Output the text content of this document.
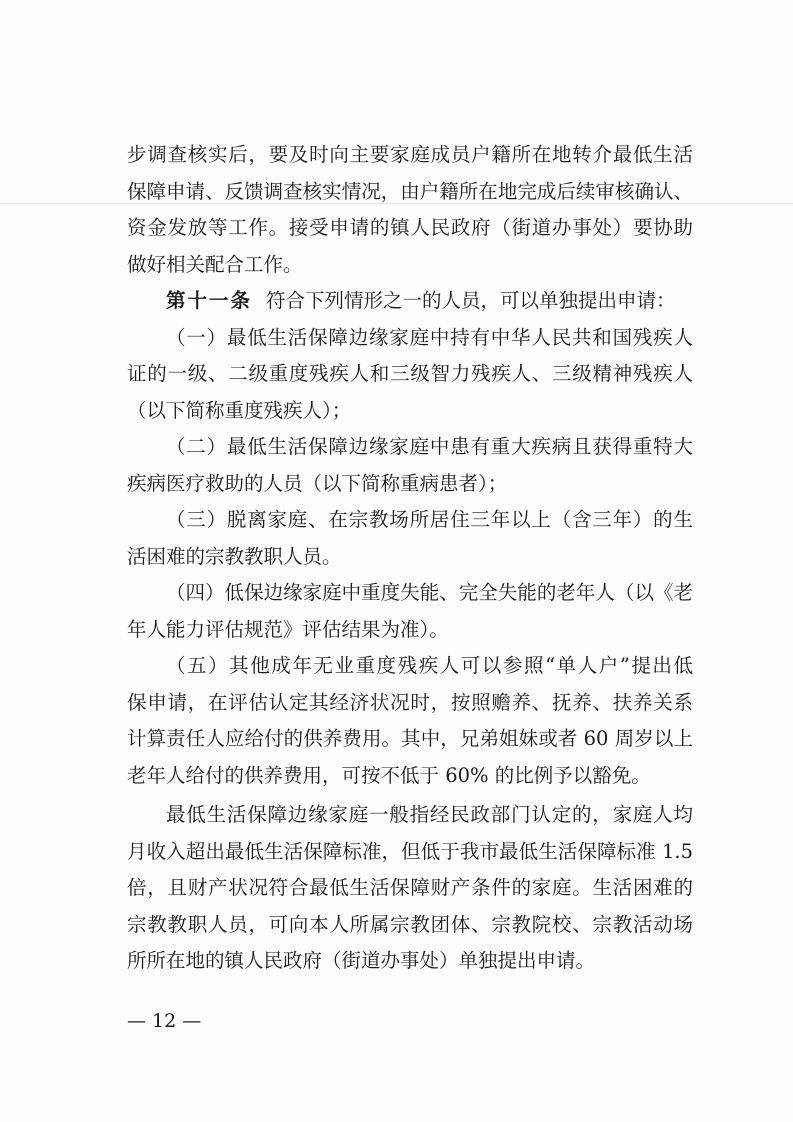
步调查核实后，要及时向主要家庭成员户籍所在地转介最低生活
保障申请、反馈调查核实情况，由户籍所在地完成后续审核确认、
资金发放等工作。接受申请的镇人民政府（街道办事处）要协助
做好相关配合工作。
第十一条 符合下列情形之一的人员，可以单独提出申请：
（一）最低生活保障边缘家庭中持有中华人民共和国残疾人
证的一级、二级重度残疾人和三级智力残疾人、三级精神残疾人
（以下简称重度残疾人）；
（二）最低生活保障边缘家庭中患有重大疾病且获得重特大
疾病医疗救助的人员（以下简称重病患者）；
（三）脱离家庭、在宗教场所居住三年以上（含三年）的生
活困难的宗教教职人员。
（四）低保边缘家庭中重度失能、完全失能的老年人（以《老
年人能力评估规范》评估结果为准）。
（五）其他成年无业重度残疾人可以参照“单人户”提出低
保申请，在评估认定其经济状况时，按照赡养、抚养、扶养关系
计算责任人应给付的供养费用。其中，兄弟姐妹或者 60 周岁以上
老年人给付的供养费用，可按不低于 60% 的比例予以豁免。
最低生活保障边缘家庭一般指经民政部门认定的，家庭人均
月收入超出最低生活保障标准，但低于我市最低生活保障标准 1.5
倍，且财产状况符合最低生活保障财产条件的家庭。生活困难的
宗教教职人员，可向本人所属宗教团体、宗教院校、宗教活动场
所所在地的镇人民政府（街道办事处）单独提出申请。
— 12 —
